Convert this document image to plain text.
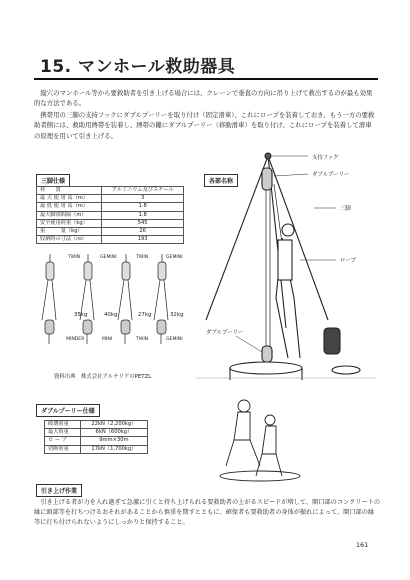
15. マンホール救助器具

縦穴のマンホール等から要救助者を引き上げる場合には、クレーンで垂直の方向に吊り上げて救出するのが最も効果的な方法である。

携帯用の三脚の支持フックにダブルプーリーを取り付け（固定滑車）、これにロープを装着しておき、もう一方の要救助者側には、救助用縛帯を装着し、縛帯の鍵にダブルプーリー（移動滑車）を取り付け、これにロープを装着して滑車の原理を用いて引き上げる。

三脚仕様
材　　質	アルミニウム及びスチール
最 大 使 用 高（m）	3
最 低 使 用 高（m）	1.8
最大脚部間隔（m）	1.8
安全使用荷重（kg）	545
重　　　量（kg）	26
収納時の寸法（㎝）	193
TWIN	GEMINI	TWIN	GEMINI
35kg	40kg	27kg	32kg
MINDER	MINI	TWIN	GEMINI
資料出典　株式会社アルテリアのPETZL
各部名称
支持フック
ダブルプーリー
三脚
ロープ
ダブルプーリー
ダブルプーリー仕様
破壊荷重	22kN（2,200kg）
最大荷重	6kN（600kg）
ロ ー プ	9mm×30m
切断荷重	17kN（1,700kg）
引き上げ作業

引き上げる者が力を入れ過ぎて急激に引くと持ち上げられる要救助者の上がるスピードが増して、開口部のコンクリートの縁に頭部等を打ちつけるおそれがあることから慎重を期すとともに、確保者も要救助者の身体が振れによって、開口部の縁等に打ち付けられないようにしっかりと保持すること。

161
